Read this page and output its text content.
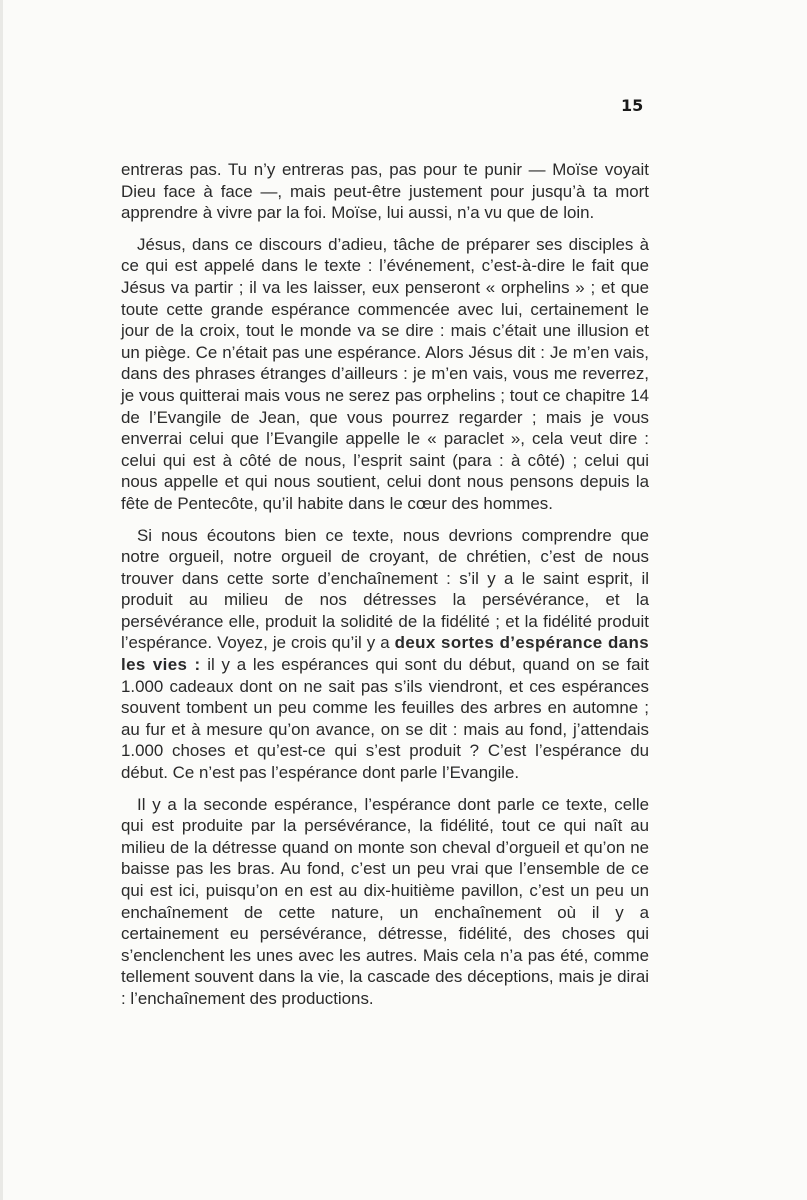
15

entreras pas. Tu n’y entreras pas, pas pour te punir — Moïse voyait Dieu face à face —, mais peut-être justement pour jusqu’à ta mort apprendre à vivre par la foi. Moïse, lui aussi, n’a vu que de loin.

Jésus, dans ce discours d’adieu, tâche de préparer ses disciples à ce qui est appelé dans le texte : l’événement, c’est-à-dire le fait que Jésus va partir ; il va les laisser, eux penseront « orphelins » ; et que toute cette grande espérance commencée avec lui, certainement le jour de la croix, tout le monde va se dire : mais c’était une illusion et un piège. Ce n’était pas une espérance. Alors Jésus dit : Je m’en vais, dans des phrases étranges d’ailleurs : je m’en vais, vous me reverrez, je vous quitterai mais vous ne serez pas orphelins ; tout ce chapitre 14 de l’Evangile de Jean, que vous pourrez regarder ; mais je vous enverrai celui que l’Evangile appelle le « paraclet », cela veut dire : celui qui est à côté de nous, l’esprit saint (para : à côté) ; celui qui nous appelle et qui nous soutient, celui dont nous pensons depuis la fête de Pentecôte, qu’il habite dans le cœur des hommes.

Si nous écoutons bien ce texte, nous devrions comprendre que notre orgueil, notre orgueil de croyant, de chrétien, c’est de nous trouver dans cette sorte d’enchaînement : s’il y a le saint esprit, il produit au milieu de nos détresses la persévérance, et la persévérance elle, produit la solidité de la fidélité ; et la fidélité produit l’espérance. Voyez, je crois qu’il y a deux sortes d’espérance dans les vies : il y a les espérances qui sont du début, quand on se fait 1.000 cadeaux dont on ne sait pas s’ils viendront, et ces espérances souvent tombent un peu comme les feuilles des arbres en automne ; au fur et à mesure qu’on avance, on se dit : mais au fond, j’attendais 1.000 choses et qu’est-ce qui s’est produit ? C’est l’espérance du début. Ce n’est pas l’espérance dont parle l’Evangile.

Il y a la seconde espérance, l’espérance dont parle ce texte, celle qui est produite par la persévérance, la fidélité, tout ce qui naît au milieu de la détresse quand on monte son cheval d’orgueil et qu’on ne baisse pas les bras. Au fond, c’est un peu vrai que l’ensemble de ce qui est ici, puisqu’on en est au dix-huitième pavillon, c’est un peu un enchaînement de cette nature, un enchaînement où il y a certainement eu persévérance, détresse, fidélité, des choses qui s’enclenchent les unes avec les autres. Mais cela n’a pas été, comme tellement souvent dans la vie, la cascade des déceptions, mais je dirai : l’enchaînement des productions.
